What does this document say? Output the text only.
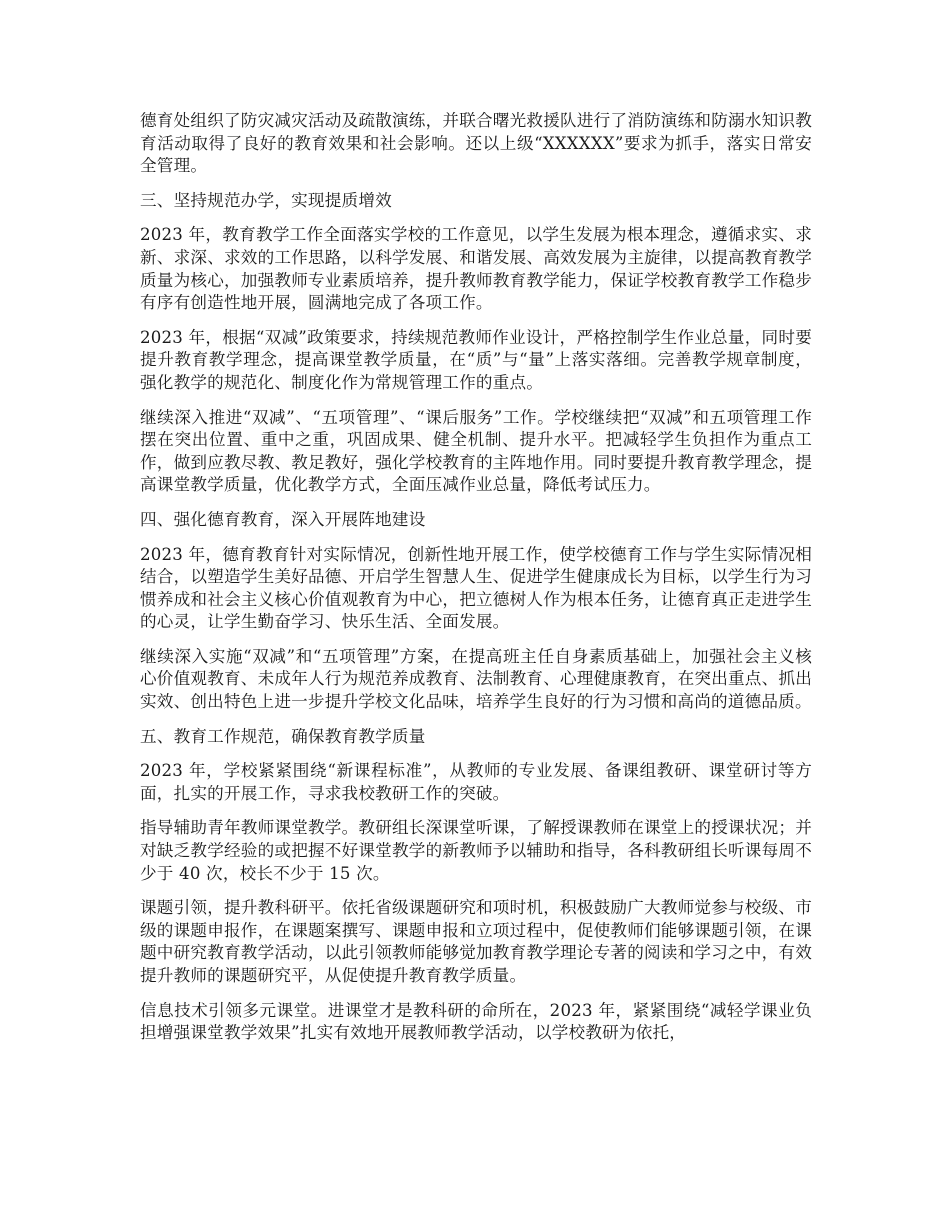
德育处组织了防灾减灾活动及疏散演练，并联合曙光救援队进行了消防演练和防溺水知识教育活动取得了良好的教育效果和社会影响。还以上级“XXXXXX”要求为抓手，落实日常安全管理。

三、坚持规范办学，实现提质增效

2023 年，教育教学工作全面落实学校的工作意见，以学生发展为根本理念，遵循求实、求新、求深、求效的工作思路，以科学发展、和谐发展、高效发展为主旋律，以提高教育教学质量为核心，加强教师专业素质培养，提升教师教育教学能力，保证学校教育教学工作稳步有序有创造性地开展，圆满地完成了各项工作。

2023 年，根据“双减”政策要求，持续规范教师作业设计，严格控制学生作业总量，同时要提升教育教学理念，提高课堂教学质量，在“质”与“量”上落实落细。完善教学规章制度，强化教学的规范化、制度化作为常规管理工作的重点。

继续深入推进“双减”、“五项管理”、“课后服务”工作。学校继续把“双减”和五项管理工作摆在突出位置、重中之重，巩固成果、健全机制、提升水平。把减轻学生负担作为重点工作，做到应教尽教、教足教好，强化学校教育的主阵地作用。同时要提升教育教学理念，提高课堂教学质量，优化教学方式，全面压减作业总量，降低考试压力。

四、强化德育教育，深入开展阵地建设

2023 年，德育教育针对实际情况，创新性地开展工作，使学校德育工作与学生实际情况相结合，以塑造学生美好品德、开启学生智慧人生、促进学生健康成长为目标，以学生行为习惯养成和社会主义核心价值观教育为中心，把立德树人作为根本任务，让德育真正走进学生的心灵，让学生勤奋学习、快乐生活、全面发展。

继续深入实施“双减”和“五项管理”方案，在提高班主任自身素质基础上，加强社会主义核心价值观教育、未成年人行为规范养成教育、法制教育、心理健康教育，在突出重点、抓出实效、创出特色上进一步提升学校文化品味，培养学生良好的行为习惯和高尚的道德品质。

五、教育工作规范，确保教育教学质量

2023 年，学校紧紧围绕“新课程标准”，从教师的专业发展、备课组教研、课堂研讨等方面，扎实的开展工作，寻求我校教研工作的突破。

指导辅助青年教师课堂教学。教研组长深课堂听课，了解授课教师在课堂上的授课状况；并对缺乏教学经验的或把握不好课堂教学的新教师予以辅助和指导，各科教研组长听课每周不少于 40 次，校长不少于 15 次。

课题引领，提升教科研平。依托省级课题研究和项时机，积极鼓励广大教师觉参与校级、市级的课题申报作，在课题案撰写、课题申报和立项过程中，促使教师们能够课题引领，在课题中研究教育教学活动，以此引领教师能够觉加教育教学理论专著的阅读和学习之中，有效提升教师的课题研究平，从促使提升教育教学质量。

信息技术引领多元课堂。进课堂才是教科研的命所在，2023 年，紧紧围绕“减轻学课业负担增强课堂教学效果”扎实有效地开展教师教学活动，以学校教研为依托，
